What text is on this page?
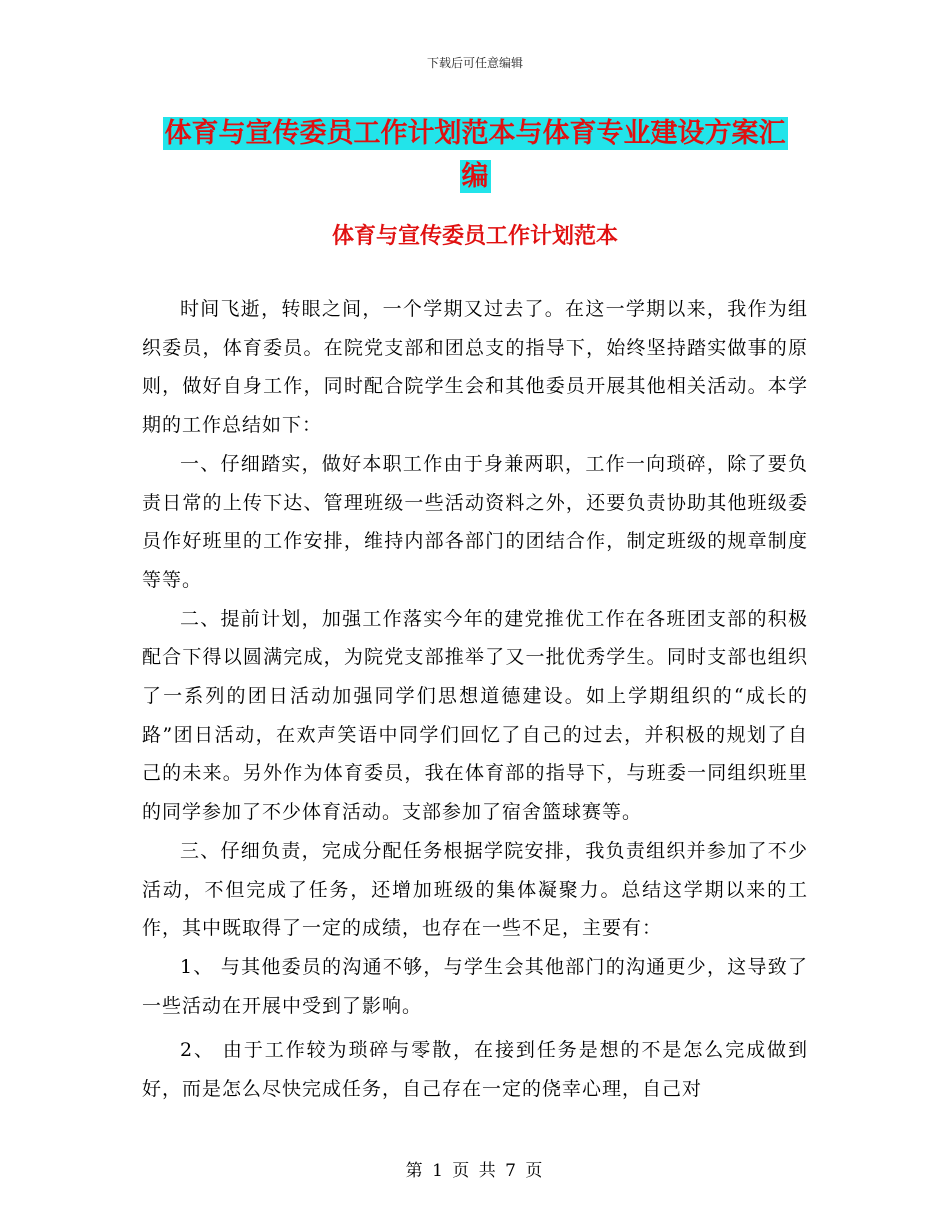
下载后可任意编辑
体育与宣传委员工作计划范本与体育专业建设方案汇
编
体育与宣传委员工作计划范本

时间飞逝，转眼之间，一个学期又过去了。在这一学期以来，我作为组织委员，体育委员。在院党支部和团总支的指导下，始终坚持踏实做事的原则，做好自身工作，同时配合院学生会和其他委员开展其他相关活动。本学期的工作总结如下：

一、仔细踏实，做好本职工作由于身兼两职，工作一向琐碎，除了要负责日常的上传下达、管理班级一些活动资料之外，还要负责协助其他班级委员作好班里的工作安排，维持内部各部门的团结合作，制定班级的规章制度等等。

二、提前计划，加强工作落实今年的建党推优工作在各班团支部的积极配合下得以圆满完成，为院党支部推举了又一批优秀学生。同时支部也组织了一系列的团日活动加强同学们思想道德建设。如上学期组织的“成长的路”团日活动，在欢声笑语中同学们回忆了自己的过去，并积极的规划了自己的未来。另外作为体育委员，我在体育部的指导下，与班委一同组织班里的同学参加了不少体育活动。支部参加了宿舍篮球赛等。

三、仔细负责，完成分配任务根据学院安排，我负责组织并参加了不少活动，不但完成了任务，还增加班级的集体凝聚力。总结这学期以来的工作，其中既取得了一定的成绩，也存在一些不足，主要有：

1、 与其他委员的沟通不够，与学生会其他部门的沟通更少，这导致了一些活动在开展中受到了影响。

2、 由于工作较为琐碎与零散，在接到任务是想的不是怎么完成做到好，而是怎么尽快完成任务，自己存在一定的侥幸心理，自己对

第 1 页 共 7 页
